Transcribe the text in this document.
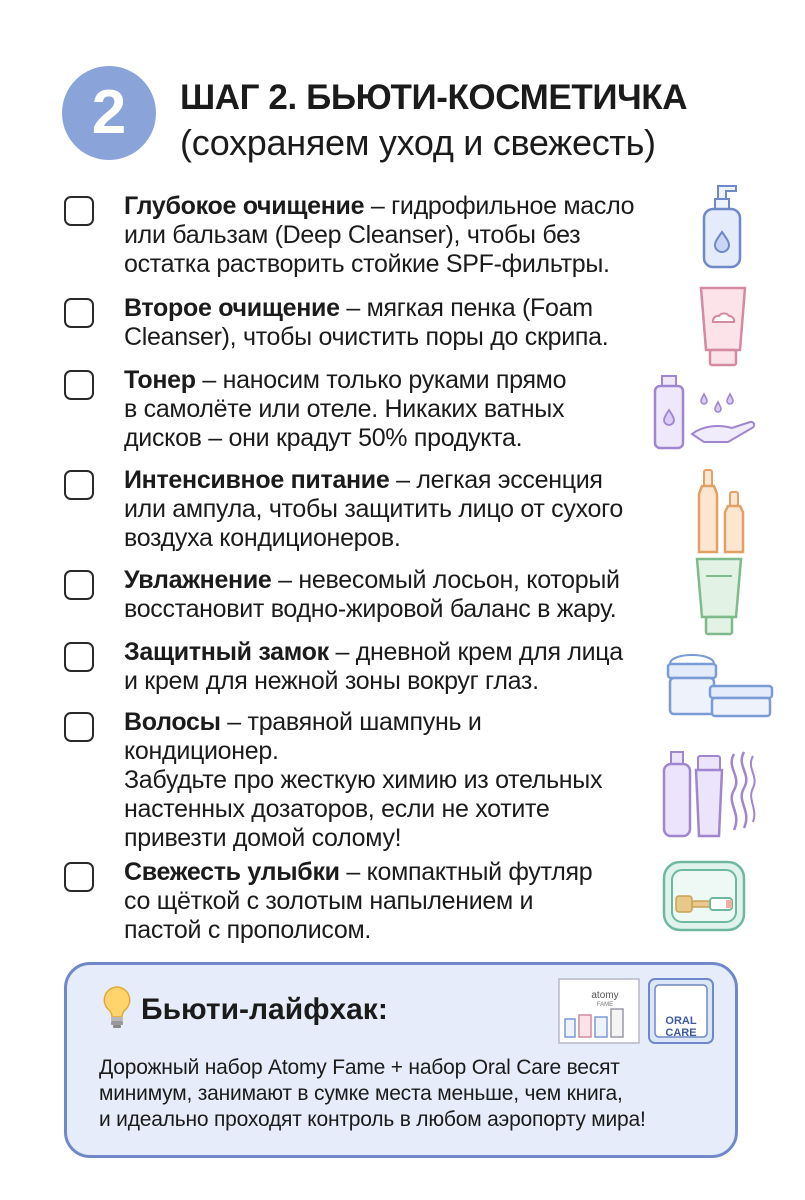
2 ШАГ 2. БЬЮТИ-КОСМЕТИЧКА
(сохраняем уход и свежесть)
Глубокое очищение – гидрофильное масло
или бальзам (Deep Cleanser), чтобы без
остатка растворить стойкие SPF-фильтры.
Второе очищение – мягкая пенка (Foam
Cleanser), чтобы очистить поры до скрипа.
Тонер – наносим только руками прямо
в самолёте или отеле. Никаких ватных
дисков – они крадут 50% продукта.
Интенсивное питание – легкая эссенция
или ампула, чтобы защитить лицо от сухого
воздуха кондиционеров.
Увлажнение – невесомый лосьон, который
восстановит водно-жировой баланс в жару.
Защитный замок – дневной крем для лица
и крем для нежной зоны вокруг глаз.
Волосы – травяной шампунь и
кондиционер.
Забудьте про жесткую химию из отельных
настенных дозаторов, если не хотите
привезти домой солому!
Свежесть улыбки – компактный футляр
со щёткой с золотым напылением и
пастой с прополисом.
Бьюти-лайфхак:	atomy
FAME
ORAL
CARE
Дорожный набор Atomy Fame + набор Oral Care весят
минимум, занимают в сумке места меньше, чем книга,
и идеально проходят контроль в любом аэропорту мира!
